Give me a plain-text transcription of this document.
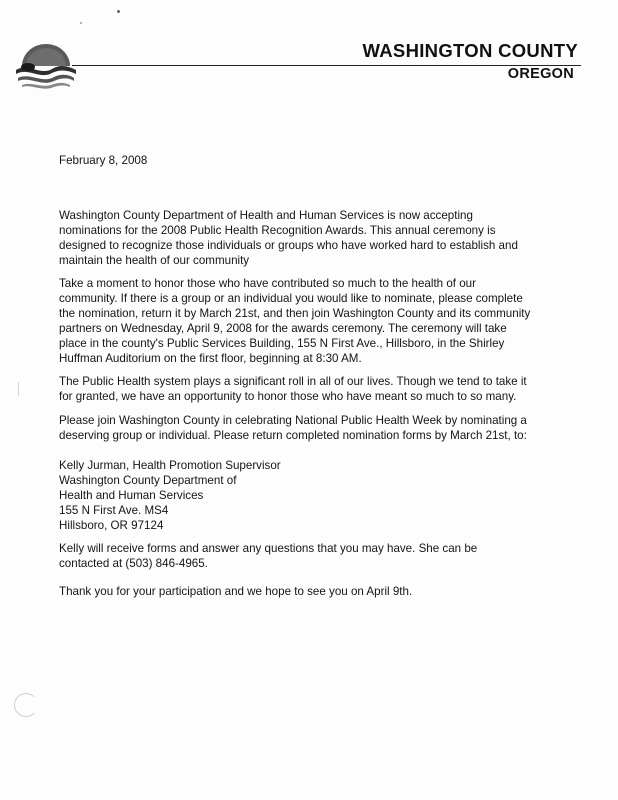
WASHINGTON COUNTY
OREGON

February 8, 2008

Washington County Department of Health and Human Services is now accepting
nominations for the 2008 Public Health Recognition Awards. This annual ceremony is
designed to recognize those individuals or groups who have worked hard to establish and
maintain the health of our community

Take a moment to honor those who have contributed so much to the health of our
community. If there is a group or an individual you would like to nominate, please complete
the nomination, return it by March 21st, and then join Washington County and its community
partners on Wednesday, April 9, 2008 for the awards ceremony. The ceremony will take
place in the county's Public Services Building, 155 N First Ave., Hillsboro, in the Shirley
Huffman Auditorium on the first floor, beginning at 8:30 AM.

The Public Health system plays a significant roll in all of our lives. Though we tend to take it
for granted, we have an opportunity to honor those who have meant so much to so many.

Please join Washington County in celebrating National Public Health Week by nominating a
deserving group or individual. Please return completed nomination forms by March 21st, to:

Kelly Jurman, Health Promotion Supervisor
Washington County Department of
Health and Human Services
155 N First Ave. MS4
Hillsboro, OR 97124

Kelly will receive forms and answer any questions that you may have. She can be
contacted at (503) 846-4965.

Thank you for your participation and we hope to see you on April 9th.
